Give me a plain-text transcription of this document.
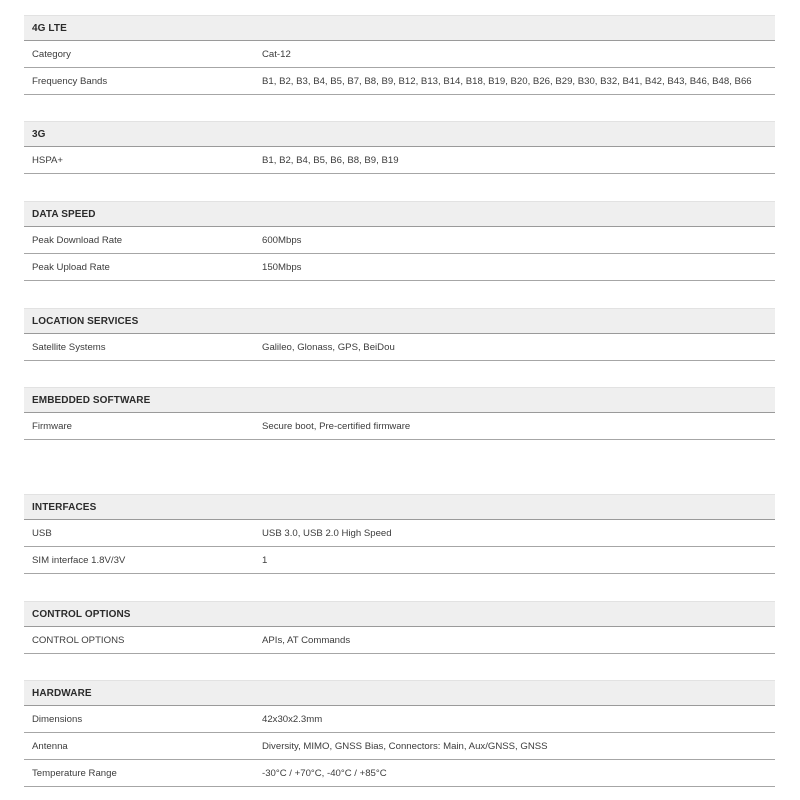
4G LTE
Category	Cat-12
Frequency Bands	B1, B2, B3, B4, B5, B7, B8, B9, B12, B13, B14, B18, B19, B20, B26, B29, B30, B32, B41, B42, B43, B46, B48, B66
3G
HSPA+	B1, B2, B4, B5, B6, B8, B9, B19
DATA SPEED
Peak Download Rate	600Mbps
Peak Upload Rate	150Mbps
LOCATION SERVICES
Satellite Systems	Galileo, Glonass, GPS, BeiDou
EMBEDDED SOFTWARE
Firmware	Secure boot, Pre-certified firmware
INTERFACES
USB	USB 3.0, USB 2.0 High Speed
SIM interface 1.8V/3V	1
CONTROL OPTIONS
CONTROL OPTIONS	APIs, AT Commands
HARDWARE
Dimensions	42x30x2.3mm
Antenna	Diversity, MIMO, GNSS Bias, Connectors: Main, Aux/GNSS, GNSS
Temperature Range	-30°C / +70°C, -40°C / +85°C
